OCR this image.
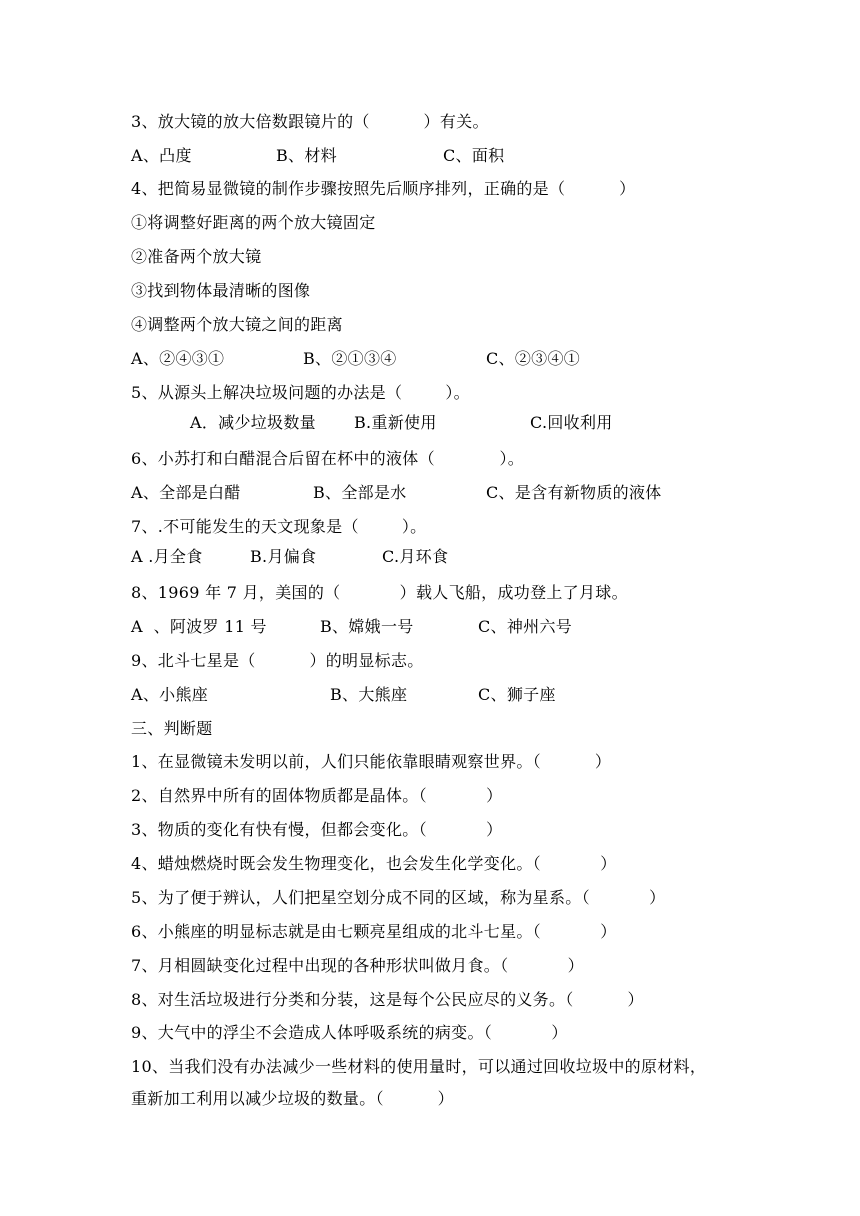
3、放大镜的放大倍数跟镜片的（          ）有关。
A、凸度	B、材料	C、面积
4、把简易显微镜的制作步骤按照先后顺序排列，正确的是（          ）
①将调整好距离的两个放大镜固定
②准备两个放大镜
③找到物体最清晰的图像
④调整两个放大镜之间的距离
A、②④③①	B、②①③④	C、②③④①
5、从源头上解决垃圾问题的办法是（        ）。
A．减少垃圾数量 B.重新使用	C.回收利用
6、小苏打和白醋混合后留在杯中的液体（            ）。
A、全部是白醋	B、全部是水	C、是含有新物质的液体
7、.不可能发生的天文现象是（        ）。
A .月全食	B.月偏食	C.月环食
8、1969 年 7 月，美国的（           ）载人飞船，成功登上了月球。
A  、阿波罗 11 号	B、嫦娥一号	C、神州六号
9、北斗七星是（          ）的明显标志。
A、小熊座	B、大熊座	C、狮子座
三、判断题
1、在显微镜未发明以前，人们只能依靠眼睛观察世界。（          ）
2、自然界中所有的固体物质都是晶体。（           ）
3、物质的变化有快有慢，但都会变化。（           ）
4、蜡烛燃烧时既会发生物理变化，也会发生化学变化。（           ）
5、为了便于辨认，人们把星空划分成不同的区域，称为星系。（           ）
6、小熊座的明显标志就是由七颗亮星组成的北斗七星。（           ）
7、月相圆缺变化过程中出现的各种形状叫做月食。（           ）
8、对生活垃圾进行分类和分装，这是每个公民应尽的义务。（          ）
9、大气中的浮尘不会造成人体呼吸系统的病变。（           ）
10、当我们没有办法减少一些材料的使用量时，可以通过回收垃圾中的原材料，
重新加工利用以减少垃圾的数量。（          ）
